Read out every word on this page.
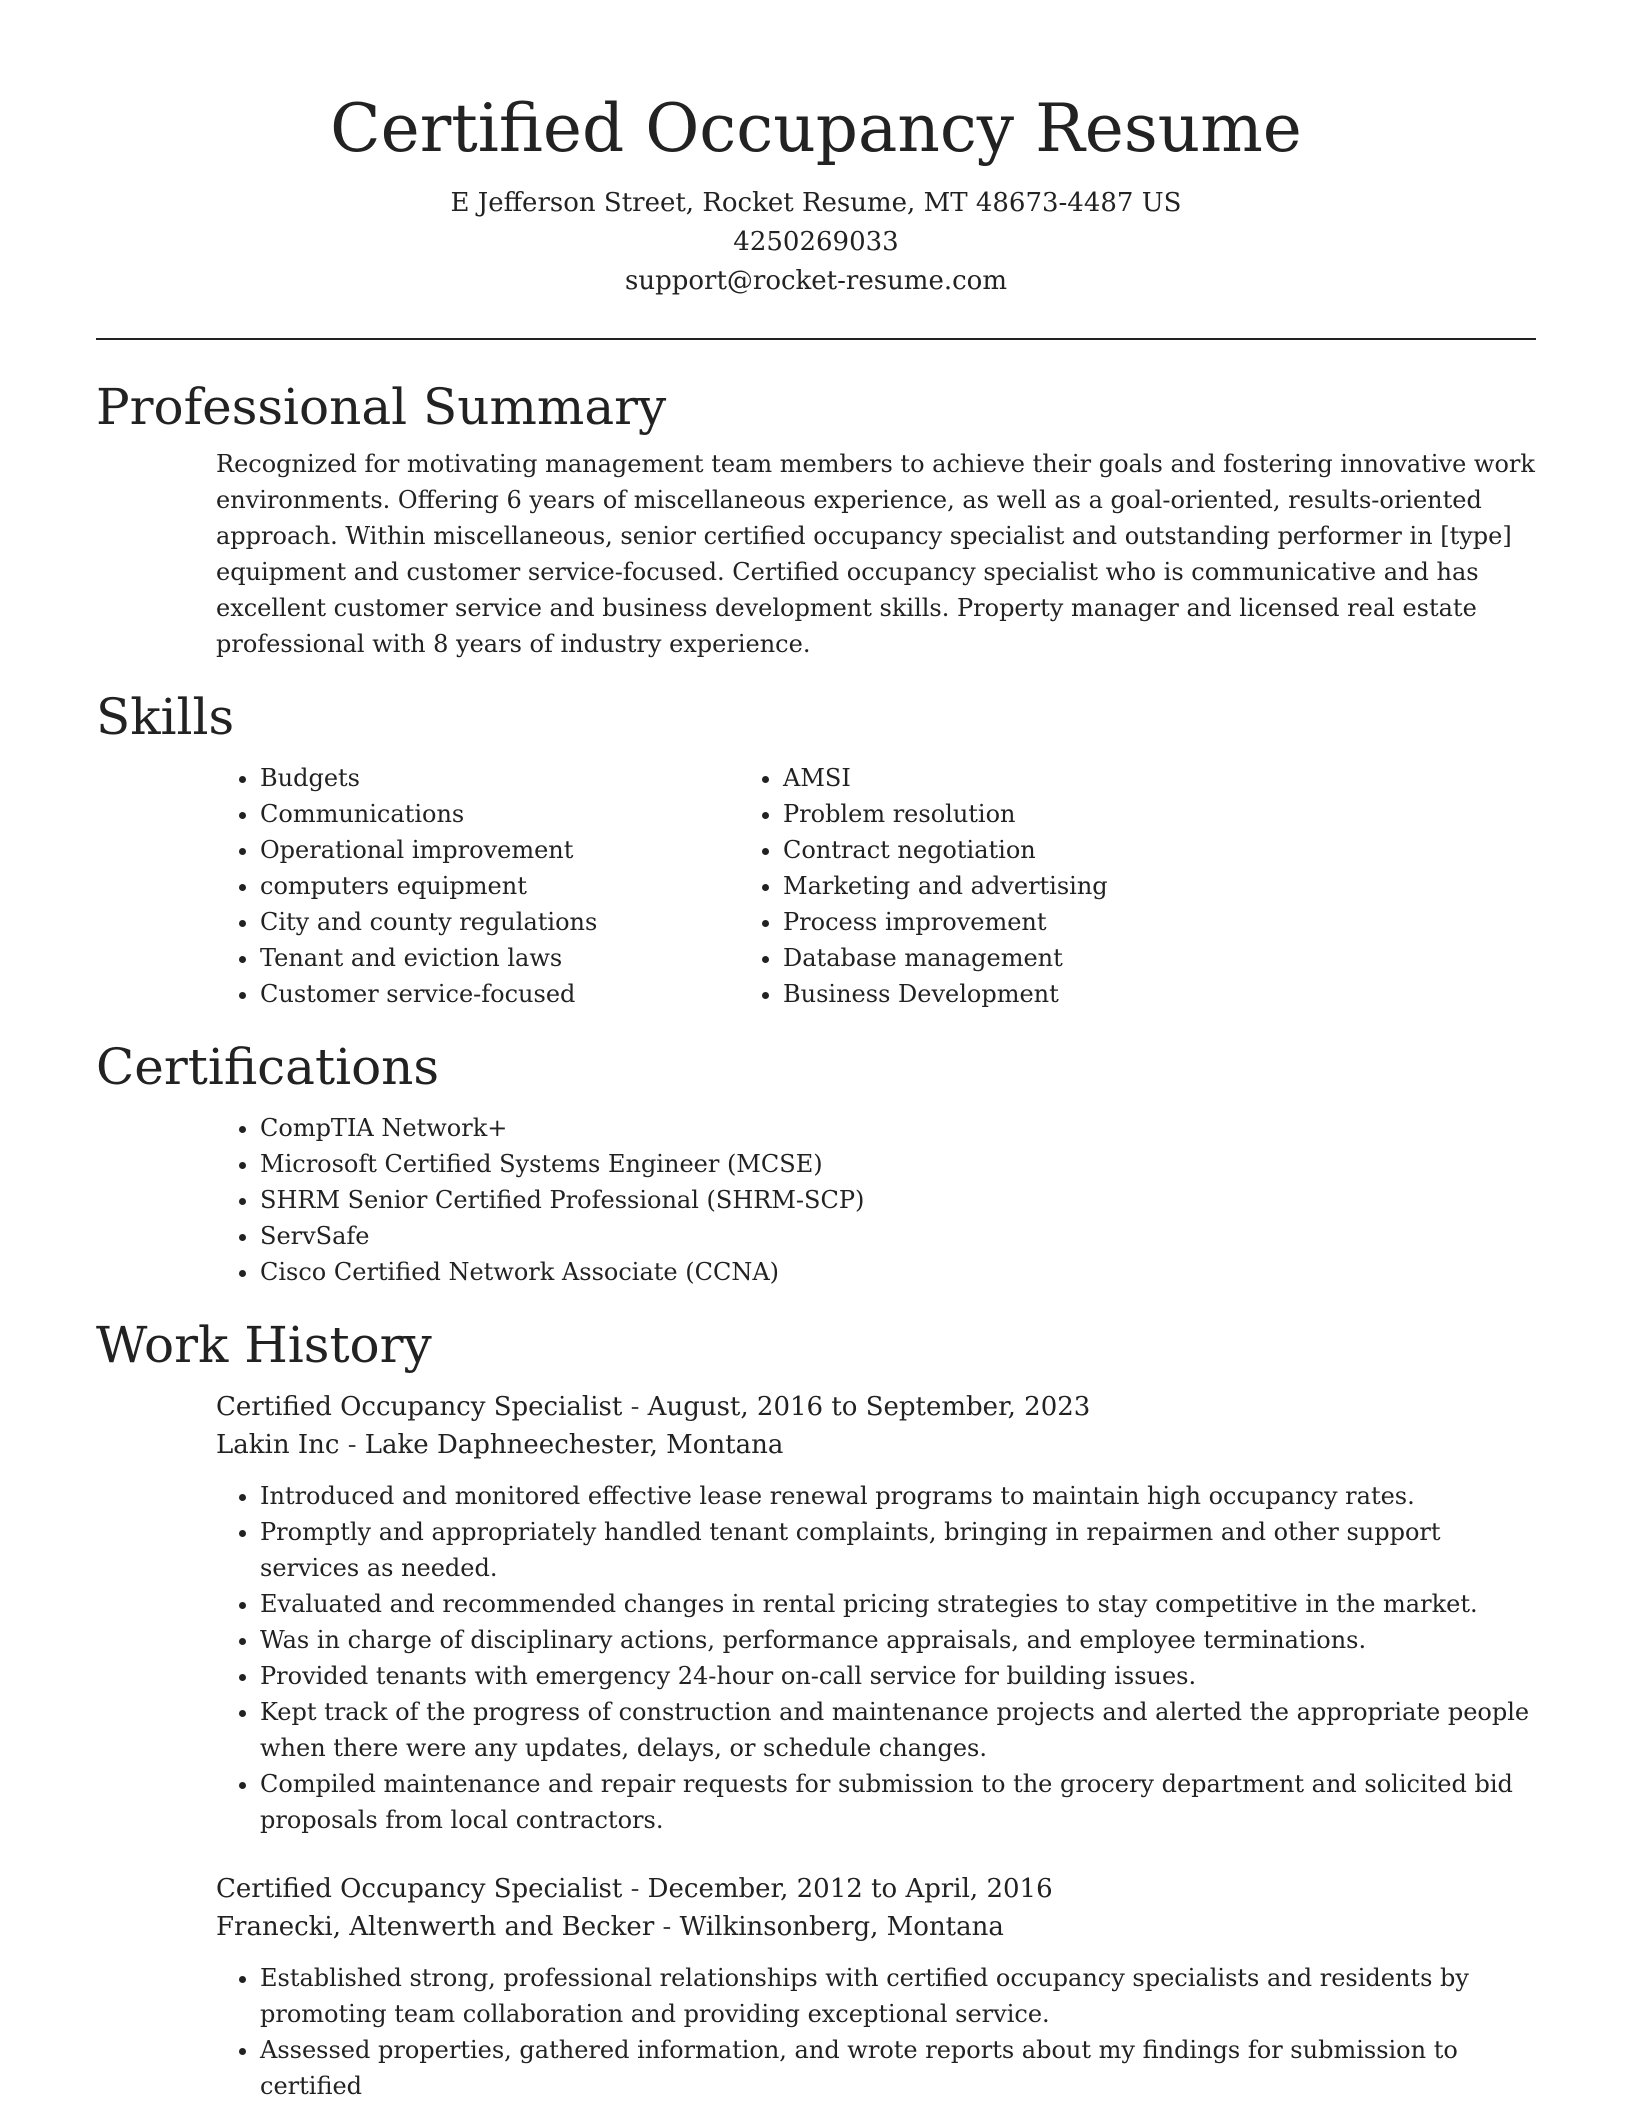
Certified Occupancy Resume

E Jefferson Street, Rocket Resume, MT 48673-4487 US

4250269033

support@rocket-resume.com

Professional Summary

Recognized for motivating management team members to achieve their goals and fostering innovative work environments. Offering 6 years of miscellaneous experience, as well as a goal-oriented, results-oriented approach. Within miscellaneous, senior certified occupancy specialist and outstanding performer in [type] equipment and customer service-focused. Certified occupancy specialist who is communicative and has excellent customer service and business development skills. Property manager and licensed real estate professional with 8 years of industry experience.

Skills
• Budgets
• Communications
• Operational improvement
• computers equipment
• City and county regulations
• Tenant and eviction laws
• Customer service-focused
• AMSI
• Problem resolution
• Contract negotiation
• Marketing and advertising
• Process improvement
• Database management
• Business Development
Certifications
• CompTIA Network+
• Microsoft Certified Systems Engineer (MCSE)
• SHRM Senior Certified Professional (SHRM-SCP)
• ServSafe
• Cisco Certified Network Associate (CCNA)
Work History

Certified Occupancy Specialist - August, 2016 to September, 2023

Lakin Inc - Lake Daphneechester, Montana

• Introduced and monitored effective lease renewal programs to maintain high occupancy rates.
• Promptly and appropriately handled tenant complaints, bringing in repairmen and other support services as needed.
• Evaluated and recommended changes in rental pricing strategies to stay competitive in the market.
• Was in charge of disciplinary actions, performance appraisals, and employee terminations.
• Provided tenants with emergency 24-hour on-call service for building issues.
• Kept track of the progress of construction and maintenance projects and alerted the appropriate people when there were any updates, delays, or schedule changes.
• Compiled maintenance and repair requests for submission to the grocery department and solicited bid proposals from local contractors.

Certified Occupancy Specialist - December, 2012 to April, 2016

Franecki, Altenwerth and Becker - Wilkinsonberg, Montana

• Established strong, professional relationships with certified occupancy specialists and residents by promoting team collaboration and providing exceptional service.
• Assessed properties, gathered information, and wrote reports about my findings for submission to certified
